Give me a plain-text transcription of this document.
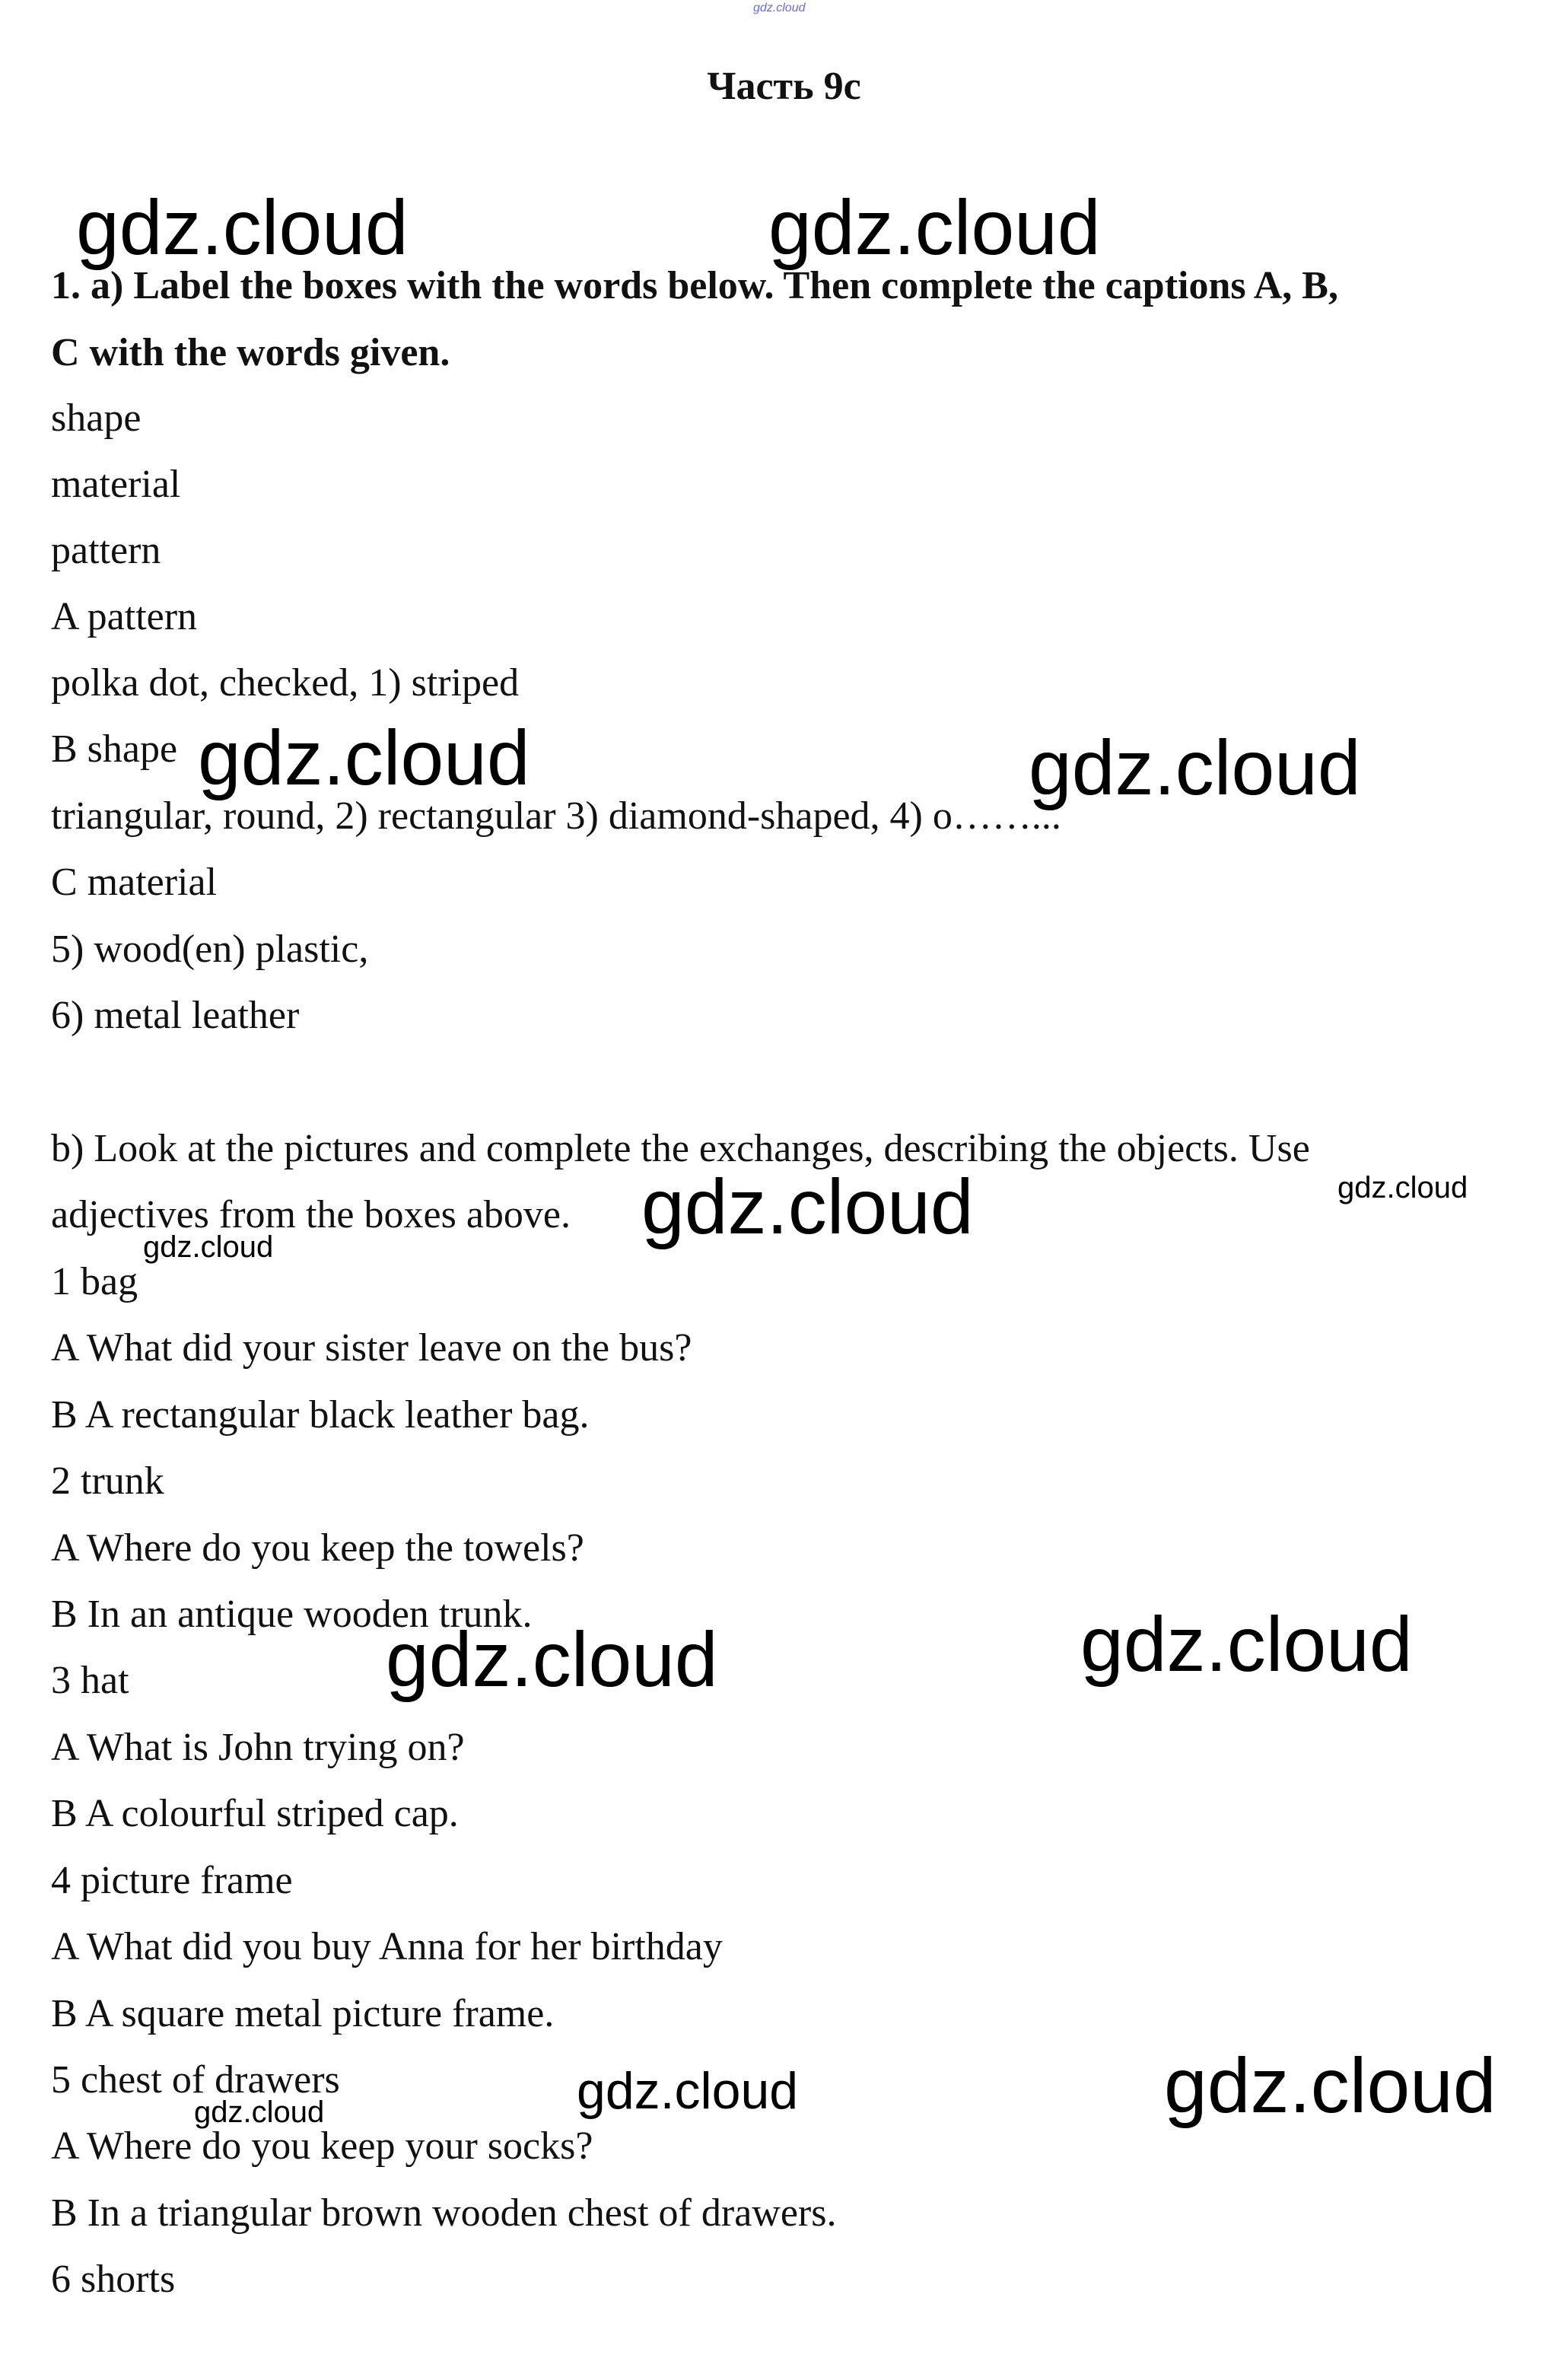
gdz.cloud
Часть 9с
1. a) Label the boxes with the words below. Then complete the captions A, B,
C with the words given.
shape
material
pattern
A pattern
polka dot, checked, 1) striped
B shape
triangular, round, 2) rectangular 3) diamond-shaped, 4) o……...
C material
5) wood(en) plastic,
6) metal leather
b) Look at the pictures and complete the exchanges, describing the objects. Use
adjectives from the boxes above.
1 bag
A What did your sister leave on the bus?
B A rectangular black leather bag.
2 trunk
A Where do you keep the towels?
B In an antique wooden trunk.
3 hat
A What is John trying on?
B A colourful striped cap.
4 picture frame
A What did you buy Anna for her birthday
B A square metal picture frame.
5 chest of drawers
A Where do you keep your socks?
B In a triangular brown wooden chest of drawers.
6 shorts
gdz.cloud	gdz.cloud
gdz.cloud	gdz.cloud
gdz.cloud	gdz.cloud
gdz.cloud
gdz.cloud	gdz.cloud
gdz.cloud	gdz.cloud
gdz.cloud
